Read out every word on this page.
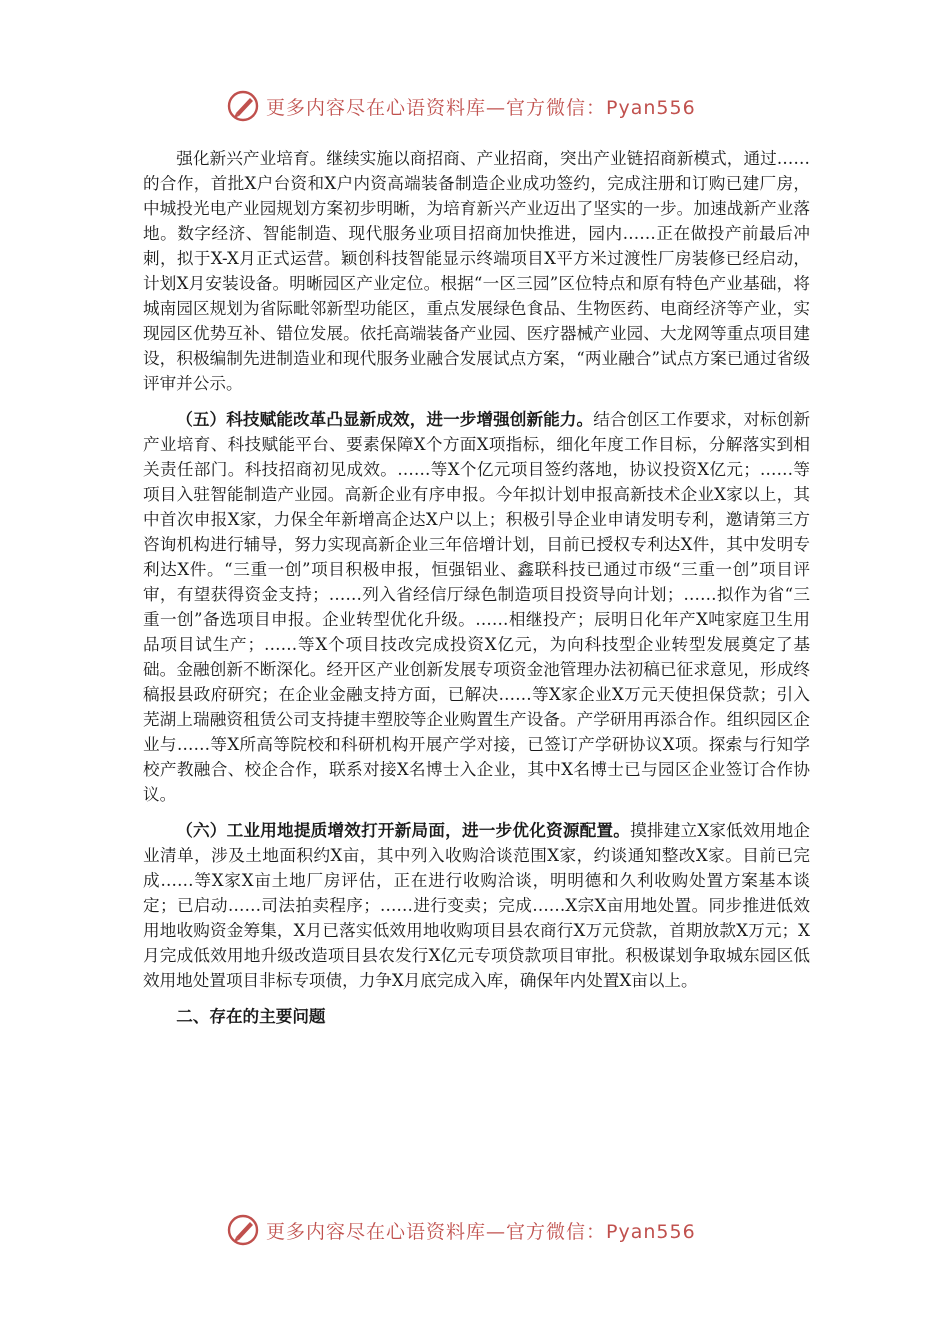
更多内容尽在心语资料库—官方微信：Pyan556

强化新兴产业培育。继续实施以商招商、产业招商，突出产业链招商新模式，通过……的合作，首批X户台资和X户内资高端装备制造企业成功签约，完成注册和订购已建厂房，中城投光电产业园规划方案初步明晰，为培育新兴产业迈出了坚实的一步。加速战新产业落地。数字经济、智能制造、现代服务业项目招商加快推进，园内……正在做投产前最后冲刺，拟于X-X月正式运营。颖创科技智能显示终端项目X平方米过渡性厂房装修已经启动，计划X月安装设备。明晰园区产业定位。根据“一区三园”区位特点和原有特色产业基础，将城南园区规划为省际毗邻新型功能区，重点发展绿色食品、生物医药、电商经济等产业，实现园区优势互补、错位发展。依托高端装备产业园、医疗器械产业园、大龙网等重点项目建设，积极编制先进制造业和现代服务业融合发展试点方案，“两业融合”试点方案已通过省级评审并公示。

（五）科技赋能改革凸显新成效，进一步增强创新能力。结合创区工作要求，对标创新产业培育、科技赋能平台、要素保障X个方面X项指标，细化年度工作目标，分解落实到相关责任部门。科技招商初见成效。……等X个亿元项目签约落地，协议投资X亿元；……等项目入驻智能制造产业园。高新企业有序申报。今年拟计划申报高新技术企业X家以上，其中首次申报X家，力保全年新增高企达X户以上；积极引导企业申请发明专利，邀请第三方咨询机构进行辅导，努力实现高新企业三年倍增计划，目前已授权专利达X件，其中发明专利达X件。“三重一创”项目积极申报，恒强铝业、鑫联科技已通过市级“三重一创”项目评审，有望获得资金支持；……列入省经信厅绿色制造项目投资导向计划；……拟作为省“三重一创”备选项目申报。企业转型优化升级。……相继投产；辰明日化年产X吨家庭卫生用品项目试生产；……等X个项目技改完成投资X亿元，为向科技型企业转型发展奠定了基础。金融创新不断深化。经开区产业创新发展专项资金池管理办法初稿已征求意见，形成终稿报县政府研究；在企业金融支持方面，已解决……等X家企业X万元天使担保贷款；引入芜湖上瑞融资租赁公司支持捷丰塑胶等企业购置生产设备。产学研用再添合作。组织园区企业与……等X所高等院校和科研机构开展产学对接，已签订产学研协议X项。探索与行知学校产教融合、校企合作，联系对接X名博士入企业，其中X名博士已与园区企业签订合作协议。

（六）工业用地提质增效打开新局面，进一步优化资源配置。摸排建立X家低效用地企业清单，涉及土地面积约X亩，其中列入收购洽谈范围X家，约谈通知整改X家。目前已完成……等X家X亩土地厂房评估，正在进行收购洽谈，明明德和久利收购处置方案基本谈定；已启动……司法拍卖程序；……进行变卖；完成……X宗X亩用地处置。同步推进低效用地收购资金筹集，X月已落实低效用地收购项目县农商行X万元贷款，首期放款X万元；X月完成低效用地升级改造项目县农发行X亿元专项贷款项目审批。积极谋划争取城东园区低效用地处置项目非标专项债，力争X月底完成入库，确保年内处置X亩以上。

二、存在的主要问题

更多内容尽在心语资料库—官方微信：Pyan556
